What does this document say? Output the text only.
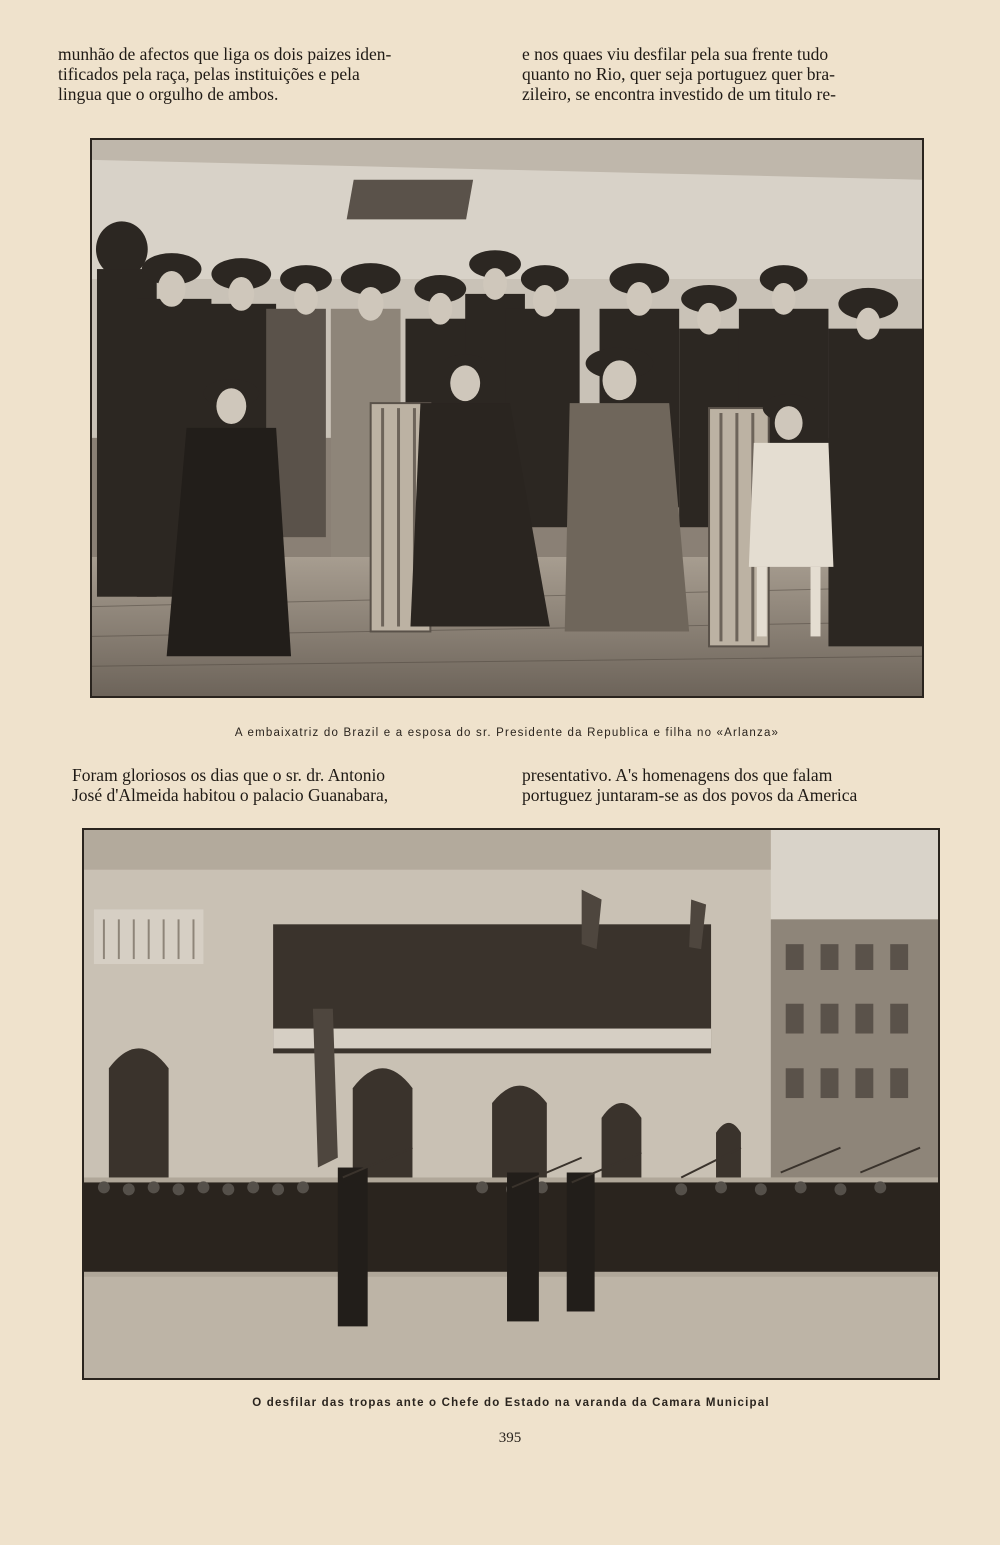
munhão de afectos que liga os dois paizes iden-
tificados pela raça, pelas instituições e pela
lingua que o orgulho de ambos.
e nos quaes viu desfilar pela sua frente tudo
quanto no Rio, quer seja portuguez quer bra-
zileiro, se encontra investido de um titulo re-
A embaixatriz do Brazil e a esposa do sr. Presidente da Republica e filha no «Arlanza»
Foram gloriosos os dias que o sr. dr. Antonio
José d'Almeida habitou o palacio Guanabara,
presentativo. A's homenagens dos que falam
portuguez juntaram-se as dos povos da America
O desfilar das tropas ante o Chefe do Estado na varanda da Camara Municipal
395
